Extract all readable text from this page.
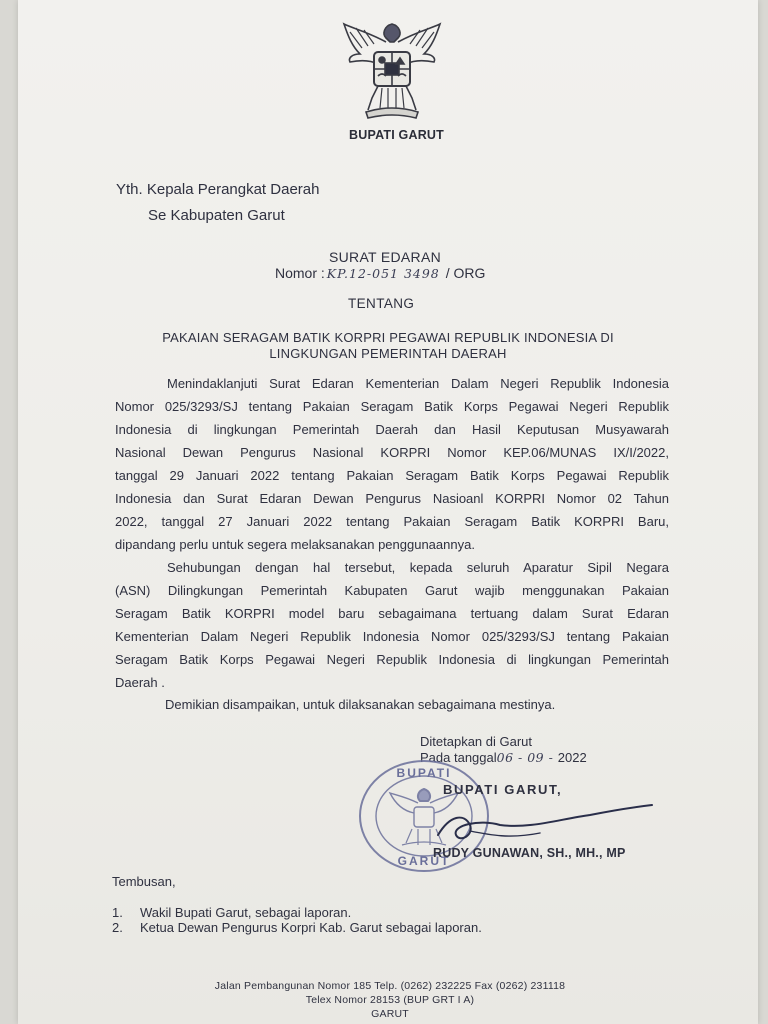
BUPATI GARUT
Yth. Kepala Perangkat Daerah
Se Kabupaten Garut
SURAT EDARAN
Nomor : KP.12-051 3498 / ORG
TENTANG
PAKAIAN SERAGAM BATIK KORPRI PEGAWAI REPUBLIK INDONESIA DI
LINGKUNGAN PEMERINTAH DAERAH
Menindaklanjuti Surat Edaran Kementerian Dalam Negeri Republik Indonesia
Nomor 025/3293/SJ tentang Pakaian Seragam Batik Korps Pegawai Negeri Republik
Indonesia di lingkungan Pemerintah Daerah dan Hasil Keputusan Musyawarah
Nasional Dewan Pengurus Nasional KORPRI Nomor KEP.06/MUNAS IX/I/2022,
tanggal 29 Januari 2022 tentang Pakaian Seragam Batik Korps Pegawai Republik
Indonesia dan Surat Edaran Dewan Pengurus Nasioanl KORPRI Nomor 02 Tahun
2022, tanggal 27 Januari 2022 tentang Pakaian Seragam Batik KORPRI Baru,
dipandang perlu untuk segera melaksanakan penggunaannya.
Sehubungan dengan hal tersebut, kepada seluruh Aparatur Sipil Negara
(ASN) Dilingkungan Pemerintah Kabupaten Garut wajib menggunakan Pakaian
Seragam Batik KORPRI model baru sebagaimana tertuang dalam Surat Edaran
Kementerian Dalam Negeri Republik Indonesia Nomor 025/3293/SJ tentang Pakaian
Seragam Batik Korps Pegawai Negeri Republik Indonesia di lingkungan Pemerintah
Daerah .
Demikian disampaikan, untuk dilaksanakan sebagaimana mestinya.
Ditetapkan di Garut
Pada tanggal06 - 09 - 2022
BUPATI
GARUT
BUPATI GARUT,
RUDY GUNAWAN, SH., MH., MP
Tembusan,
1. Wakil Bupati Garut, sebagai laporan.
2. Ketua Dewan Pengurus Korpri Kab. Garut sebagai laporan.
Jalan Pembangunan Nomor 185 Telp. (0262) 232225 Fax (0262) 231118
Telex Nomor 28153 (BUP GRT I A)
GARUT
